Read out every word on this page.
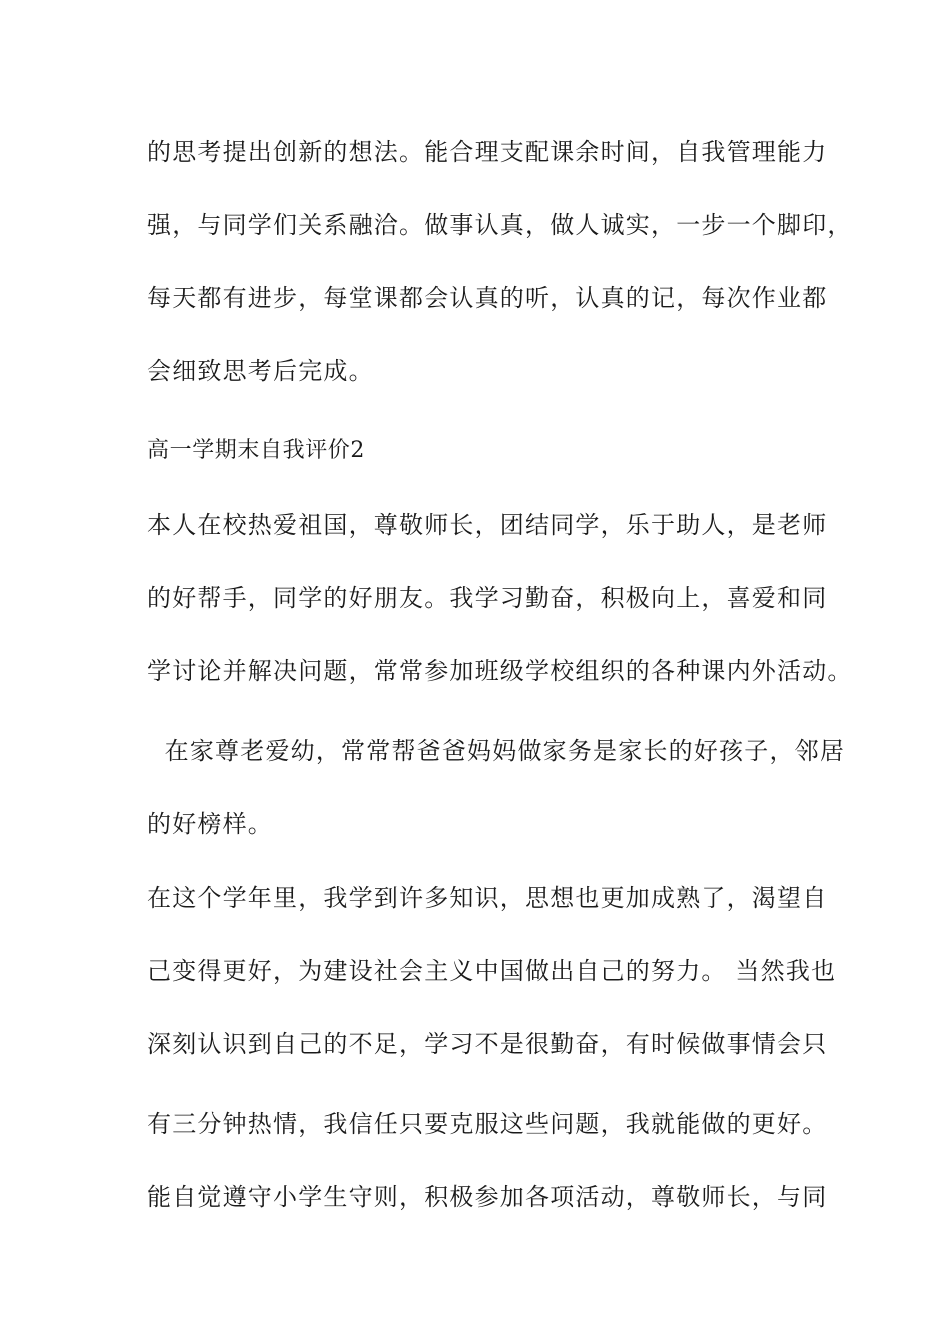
的思考提出创新的想法。能合理支配课余时间，自我管理能力
强，与同学们关系融洽。做事认真，做人诚实，一步一个脚印，
每天都有进步，每堂课都会认真的听，认真的记，每次作业都
会细致思考后完成。
高一学期末自我评价2
本人在校热爱祖国，尊敬师长，团结同学，乐于助人，是老师
的好帮手，同学的好朋友。我学习勤奋，积极向上，喜爱和同
学讨论并解决问题，常常参加班级学校组织的各种课内外活动。
在家尊老爱幼，常常帮爸爸妈妈做家务是家长的好孩子，邻居
的好榜样。
在这个学年里，我学到许多知识，思想也更加成熟了，渴望自
己变得更好，为建设社会主义中国做出自己的努力。 当然我也
深刻认识到自己的不足，学习不是很勤奋，有时候做事情会只
有三分钟热情，我信任只要克服这些问题，我就能做的更好。
能自觉遵守小学生守则，积极参加各项活动，尊敬师长，与同
